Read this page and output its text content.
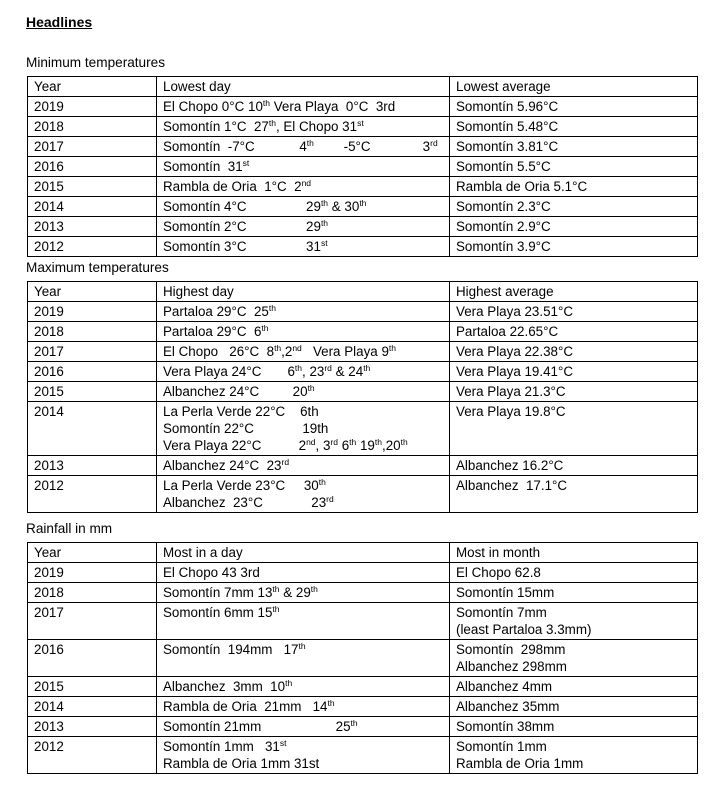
Headlines
Minimum temperatures
Year	Lowest day	Lowest average
2019	El Chopo 0°C 10th Vera Playa  0°C  3rd	Somontín 5.96°C

2018	Somontín 1°C  27th, El Chopo 31st	Somontín 5.48°C

2017	Somontín  -7°C            4th        -5°C              3rd	Somontín 3.81°C

2016	Somontín  31st	Somontín 5.5°C

2015	Rambla de Oria  1°C  2nd	Rambla de Oria 5.1°C

2014	Somontín 4°C                29th & 30th	Somontín 2.3°C

2013	Somontín 2°C                29th	Somontín 2.9°C

2012	Somontín 3°C                31st	Somontín 3.9°C
Maximum temperatures
Year	Highest day	Highest average
2019	Partaloa 29°C  25th	Vera Playa 23.51°C

2018	Partaloa 29°C  6th	Partaloa 22.65°C

2017	El Chopo   26°C  8th,2nd   Vera Playa 9th	Vera Playa 22.38°C

2016	Vera Playa 24°C       6th, 23rd & 24th	Vera Playa 19.41°C

2015	Albanchez 24°C         20th	Vera Playa 21.3°C

2014	La Perla Verde 22°C    6th
Somontín 22°C             19th
Vera Playa 22°C          2nd, 3rd 6th 19th,20th	Vera Playa 19.8°C

2013	Albanchez 24°C  23rd	Albanchez 16.2°C

2012	La Perla Verde 23°C     30th
Albanchez  23°C             23rd	Albanchez  17.1°C
Rainfall in mm
Year	Most in a day	Most in month
2019	El Chopo 43 3rd	El Chopo 62.8

2018	Somontín 7mm 13th & 29th	Somontín 15mm

2017	Somontín 6mm 15th	Somontín 7mm
(least Partaloa 3.3mm)

2016	Somontín  194mm   17th	Somontín  298mm
Albanchez 298mm

2015	Albanchez  3mm  10th	Albanchez 4mm

2014	Rambla de Oria  21mm   14th	Albanchez 35mm

2013	Somontín 21mm                    25th	Somontín 38mm

2012	Somontín 1mm   31st
Rambla de Oria 1mm 31st	Somontín 1mm
Rambla de Oria 1mm
